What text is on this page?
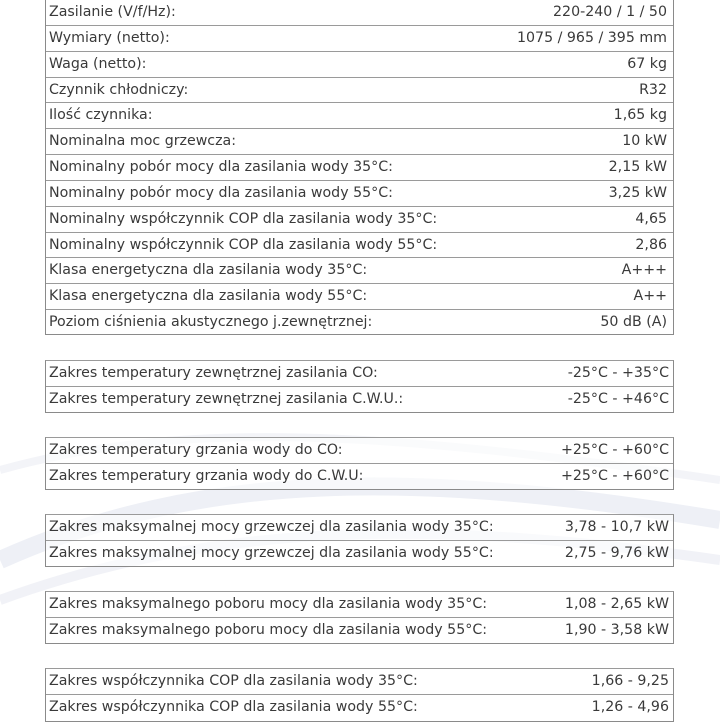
Zasilanie (V/f/Hz):	220-240 / 1 / 50
Wymiary (netto):	1075 / 965 / 395 mm
Waga (netto):	67 kg
Czynnik chłodniczy:	R32
Ilość czynnika:	1,65 kg
Nominalna moc grzewcza:	10 kW
Nominalny pobór mocy dla zasilania wody 35°C:	2,15 kW
Nominalny pobór mocy dla zasilania wody 55°C:	3,25 kW
Nominalny współczynnik COP dla zasilania wody 35°C:	4,65
Nominalny współczynnik COP dla zasilania wody 55°C:	2,86
Klasa energetyczna dla zasilania wody 35°C:	A+++
Klasa energetyczna dla zasilania wody 55°C:	A++
Poziom ciśnienia akustycznego j.zewnętrznej:	50 dB (A)
Zakres temperatury zewnętrznej zasilania CO:	-25°C - +35°C
Zakres temperatury zewnętrznej zasilania C.W.U.:	-25°C - +46°C
Zakres temperatury grzania wody do CO:	+25°C - +60°C
Zakres temperatury grzania wody do C.W.U:	+25°C - +60°C
Zakres maksymalnej mocy grzewczej dla zasilania wody 35°C:	3,78 - 10,7 kW
Zakres maksymalnej mocy grzewczej dla zasilania wody 55°C:	2,75 - 9,76 kW
Zakres maksymalnego poboru mocy dla zasilania wody 35°C:	1,08 - 2,65 kW
Zakres maksymalnego poboru mocy dla zasilania wody 55°C:	1,90 - 3,58 kW
Zakres współczynnika COP dla zasilania wody 35°C:	1,66 - 9,25
Zakres współczynnika COP dla zasilania wody 55°C:	1,26 - 4,96
